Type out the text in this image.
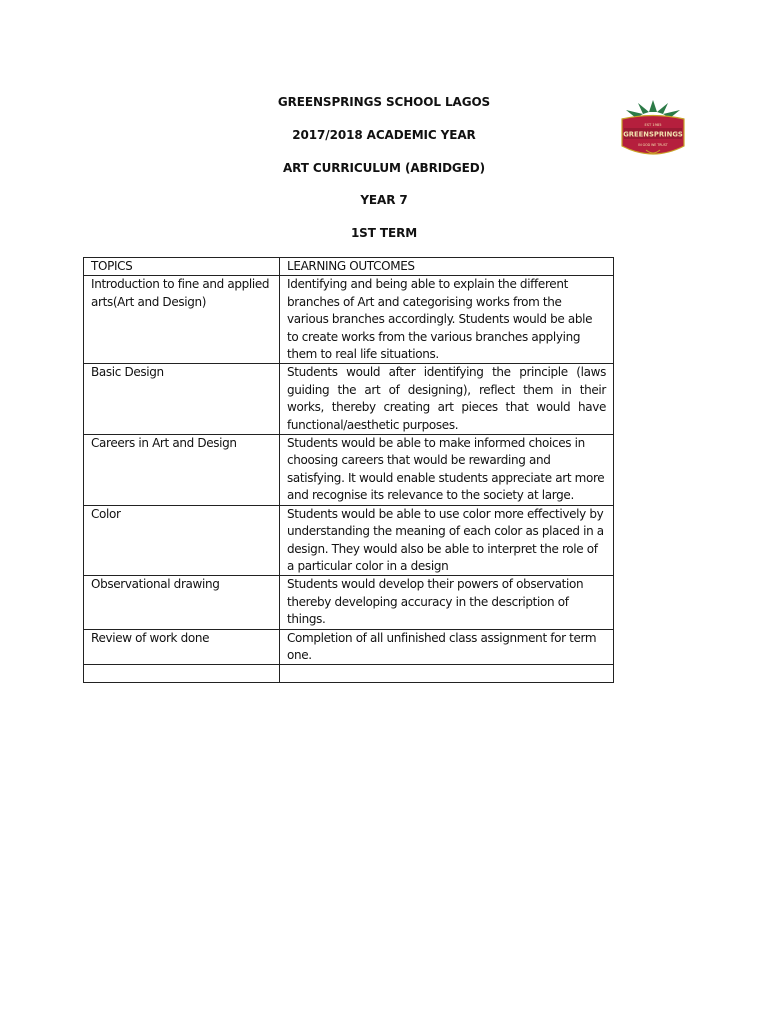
GREENSPRINGS SCHOOL LAGOS
2017/2018 ACADEMIC YEAR
ART CURRICULUM (ABRIDGED)
YEAR 7
1ST TERM
EST 1985
GREENSPRINGS
IN GOD WE TRUST
TOPICS	LEARNING OUTCOMES
Introduction to fine and applied arts(Art and Design)	Identifying and being able to explain the different branches of Art and categorising works from the various branches accordingly. Students would be able to create works from the various branches applying them to real life situations.
Basic Design	Students would after identifying the principle (laws guiding the art of designing), reflect them in their works, thereby creating art pieces that would have functional/aesthetic purposes.
Careers in Art and Design	Students would be able to make informed choices in choosing careers that would be rewarding and satisfying. It would enable students appreciate art more and recognise its relevance to the society at large.
Color	Students would be able to use color more effectively by understanding the meaning of each color as placed in a design. They would also be able to interpret the role of a particular color in a design
Observational drawing	Students would develop their powers of observation thereby developing accuracy in the description of things.
Review of work done	Completion of all unfinished class assignment for term one.
